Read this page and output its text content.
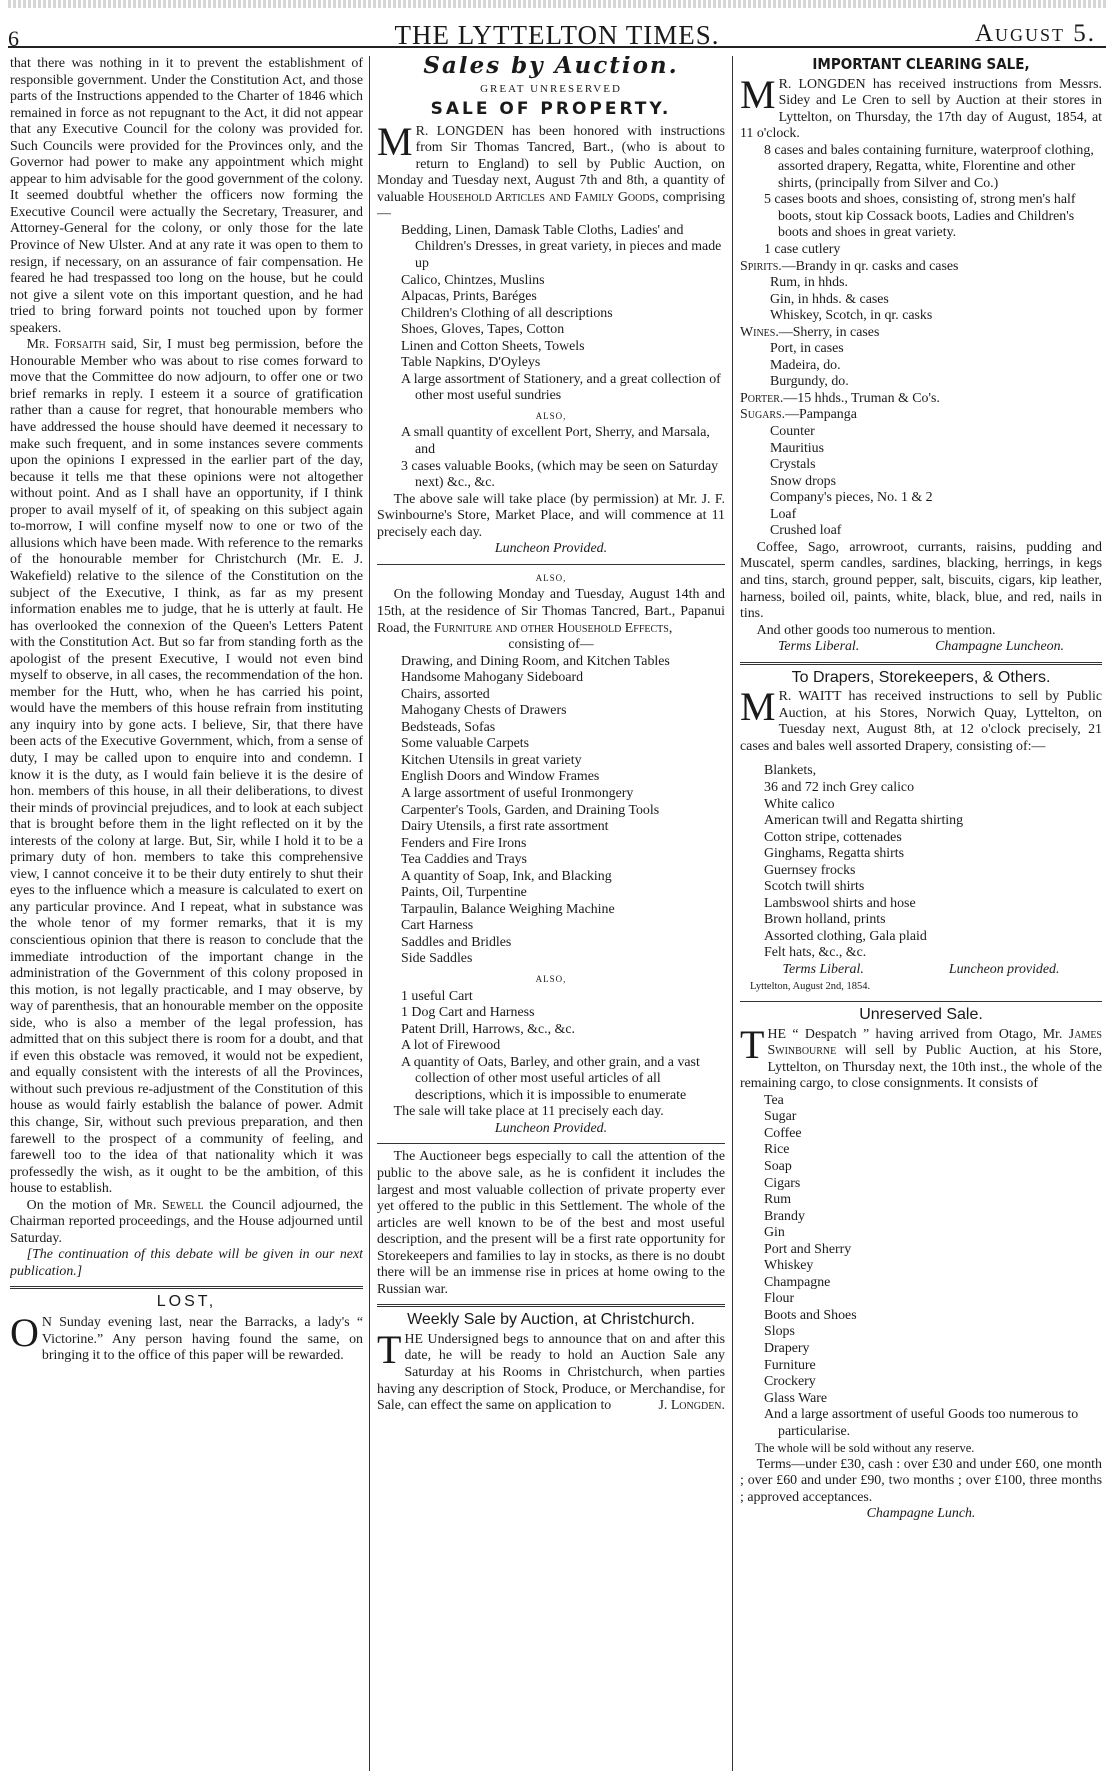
6	THE LYTTELTON TIMES.	August 5.

that there was nothing in it to prevent the establishment of responsible government. Under the Constitution Act, and those parts of the Instructions appended to the Charter of 1846 which remained in force as not repugnant to the Act, it did not appear that any Executive Council for the colony was provided for. Such Councils were provided for the Provinces only, and the Governor had power to make any appointment which might appear to him advisable for the good government of the colony. It seemed doubtful whether the officers now forming the Executive Council were actually the Secretary, Treasurer, and Attorney-General for the colony, or only those for the late Province of New Ulster. And at any rate it was open to them to resign, if necessary, on an assurance of fair compensation. He feared he had trespassed too long on the house, but he could not give a silent vote on this important question, and he had tried to bring forward points not touched upon by former speakers.

Mr. Forsaith said, Sir, I must beg permission, before the Honourable Member who was about to rise comes forward to move that the Committee do now adjourn, to offer one or two brief remarks in reply. I esteem it a source of gratification rather than a cause for regret, that honourable members who have addressed the house should have deemed it necessary to make such frequent, and in some instances severe comments upon the opinions I expressed in the earlier part of the day, because it tells me that these opinions were not altogether without point. And as I shall have an opportunity, if I think proper to avail myself of it, of speaking on this subject again to-morrow, I will confine myself now to one or two of the allusions which have been made. With reference to the remarks of the honourable member for Christchurch (Mr. E. J. Wakefield) relative to the silence of the Constitution on the subject of the Executive, I think, as far as my present information enables me to judge, that he is utterly at fault. He has overlooked the connexion of the Queen's Letters Patent with the Constitution Act. But so far from standing forth as the apologist of the present Executive, I would not even bind myself to observe, in all cases, the recommendation of the hon. member for the Hutt, who, when he has carried his point, would have the members of this house refrain from instituting any inquiry into by gone acts. I believe, Sir, that there have been acts of the Executive Government, which, from a sense of duty, I may be called upon to enquire into and condemn. I know it is the duty, as I would fain believe it is the desire of hon. members of this house, in all their deliberations, to divest their minds of provincial prejudices, and to look at each subject that is brought before them in the light reflected on it by the interests of the colony at large. But, Sir, while I hold it to be a primary duty of hon. members to take this comprehensive view, I cannot conceive it to be their duty entirely to shut their eyes to the influence which a measure is calculated to exert on any particular province. And I repeat, what in substance was the whole tenor of my former remarks, that it is my conscientious opinion that there is reason to conclude that the immediate introduction of the important change in the administration of the Government of this colony proposed in this motion, is not legally practicable, and I may observe, by way of parenthesis, that an honourable member on the opposite side, who is also a member of the legal profession, has admitted that on this subject there is room for a doubt, and that if even this obstacle was removed, it would not be expedient, and equally consistent with the interests of all the Provinces, without such previous re-adjustment of the Constitution of this house as would fairly establish the balance of power. Admit this change, Sir, without such previous preparation, and then farewell to the prospect of a community of feeling, and farewell too to the idea of that nationality which it was professedly the wish, as it ought to be the ambition, of this house to establish.

On the motion of Mr. Sewell the Council adjourned, the Chairman reported proceedings, and the House adjourned until Saturday.

[The continuation of this debate will be given in our next publication.]

LOST,

O N Sunday evening last, near the Barracks, a lady's “ Victorine.” Any person having found the same, on bringing it to the office of this paper will be rewarded.

Sales by Auction.
GREAT UNRESERVED
SALE OF PROPERTY.

M R. LONGDEN has been honored with instructions from Sir Thomas Tancred, Bart., (who is about to return to England) to sell by Public Auction, on Monday and Tuesday next, August 7th and 8th, a quantity of valuable Household Articles and Family Goods, comprising—

Bedding, Linen, Damask Table Cloths, Ladies' and Children's Dresses, in great variety, in pieces and made up
Calico, Chintzes, Muslins
Alpacas, Prints, Baréges
Children's Clothing of all descriptions
Shoes, Gloves, Tapes, Cotton
Linen and Cotton Sheets, Towels
Table Napkins, D'Oyleys
A large assortment of Stationery, and a great collection of other most useful sundries
ALSO,
A small quantity of excellent Port, Sherry, and Marsala, and
3 cases valuable Books, (which may be seen on Saturday next) &c., &c.

The above sale will take place (by permission) at Mr. J. F. Swinbourne's Store, Market Place, and will commence at 11 precisely each day.

Luncheon Provided.

ALSO,

On the following Monday and Tuesday, August 14th and 15th, at the residence of Sir Thomas Tancred, Bart., Papanui Road, the Furniture and other Household Effects,

consisting of—

Drawing, and Dining Room, and Kitchen Tables
Handsome Mahogany Sideboard
Chairs, assorted
Mahogany Chests of Drawers
Bedsteads, Sofas
Some valuable Carpets
Kitchen Utensils in great variety
English Doors and Window Frames
A large assortment of useful Ironmongery
Carpenter's Tools, Garden, and Draining Tools
Dairy Utensils, a first rate assortment
Fenders and Fire Irons
Tea Caddies and Trays
A quantity of Soap, Ink, and Blacking
Paints, Oil, Turpentine
Tarpaulin, Balance Weighing Machine
Cart Harness
Saddles and Bridles
Side Saddles
ALSO,
1 useful Cart
1 Dog Cart and Harness
Patent Drill, Harrows, &c., &c.
A lot of Firewood
A quantity of Oats, Barley, and other grain, and a vast collection of other most useful articles of all descriptions, which it is impossible to enumerate

The sale will take place at 11 precisely each day.

Luncheon Provided.

The Auctioneer begs especially to call the attention of the public to the above sale, as he is confident it includes the largest and most valuable collection of private property ever yet offered to the public in this Settlement. The whole of the articles are well known to be of the best and most useful description, and the present will be a first rate opportunity for Storekeepers and families to lay in stocks, as there is no doubt there will be an immense rise in prices at home owing to the Russian war.

Weekly Sale by Auction, at Christchurch.

THE Undersigned begs to announce that on and after this date, he will be ready to hold an Auction Sale any Saturday at his Rooms in Christchurch, when parties having any description of Stock, Produce, or Merchandise, for Sale, can effect the same on application to	J. Longden.

IMPORTANT CLEARING SALE,

M R. LONGDEN has received instructions from Messrs. Sidey and Le Cren to sell by Auction at their stores in Lyttelton, on Thursday, the 17th day of August, 1854, at 11 o'clock.

8 cases and bales containing furniture, waterproof clothing, assorted drapery, Regatta, white, Florentine and other shirts, (principally from Silver and Co.)
5 cases boots and shoes, consisting of, strong men's half boots, stout kip Cossack boots, Ladies and Children's boots and shoes in great variety.
1 case cutlery
Spirits.—Brandy in qr. casks and cases
Rum, in hhds.
Gin, in hhds. & cases
Whiskey, Scotch, in qr. casks
Wines.—Sherry, in cases
Port, in cases
Madeira, do.
Burgundy, do.
Porter.—15 hhds., Truman & Co's.
Sugars.—Pampanga
Counter
Mauritius
Crystals
Snow drops
Company's pieces, No. 1 & 2
Loaf
Crushed loaf

Coffee, Sago, arrowroot, currants, raisins, pudding and Muscatel, sperm candles, sardines, blacking, herrings, in kegs and tins, starch, ground pepper, salt, biscuits, cigars, kip leather, harness, boiled oil, paints, white, black, blue, and red, nails in tins.

And other goods too numerous to mention.

Terms Liberal.	Champagne Luncheon.
To Drapers, Storekeepers, & Others.

M R. WAITT has received instructions to sell by Public Auction, at his Stores, Norwich Quay, Lyttelton, on Tuesday next, August 8th, at 12 o'clock precisely, 21 cases and bales well assorted Drapery, consisting of:—

Blankets,
36 and 72 inch Grey calico
White calico
American twill and Regatta shirting
Cotton stripe, cottenades
Ginghams, Regatta shirts
Guernsey frocks
Scotch twill shirts
Lambswool shirts and hose
Brown holland, prints
Assorted clothing, Gala plaid
Felt hats, &c., &c.
Terms Liberal.	Luncheon provided.
Lyttelton, August 2nd, 1854.
Unreserved Sale.

THE “ Despatch ” having arrived from Otago, Mr. James Swinbourne will sell by Public Auction, at his Store, Lyttelton, on Thursday next, the 10th inst., the whole of the remaining cargo, to close consignments. It consists of

Tea
Sugar
Coffee
Rice
Soap
Cigars
Rum
Brandy
Gin
Port and Sherry
Whiskey
Champagne
Flour
Boots and Shoes
Slops
Drapery
Furniture
Crockery
Glass Ware
And a large assortment of useful Goods too numerous to particularise.

The whole will be sold without any reserve.

Terms—under £30, cash : over £30 and under £60, one month ; over £60 and under £90, two months ; over £100, three months ; approved acceptances.

Champagne Lunch.
